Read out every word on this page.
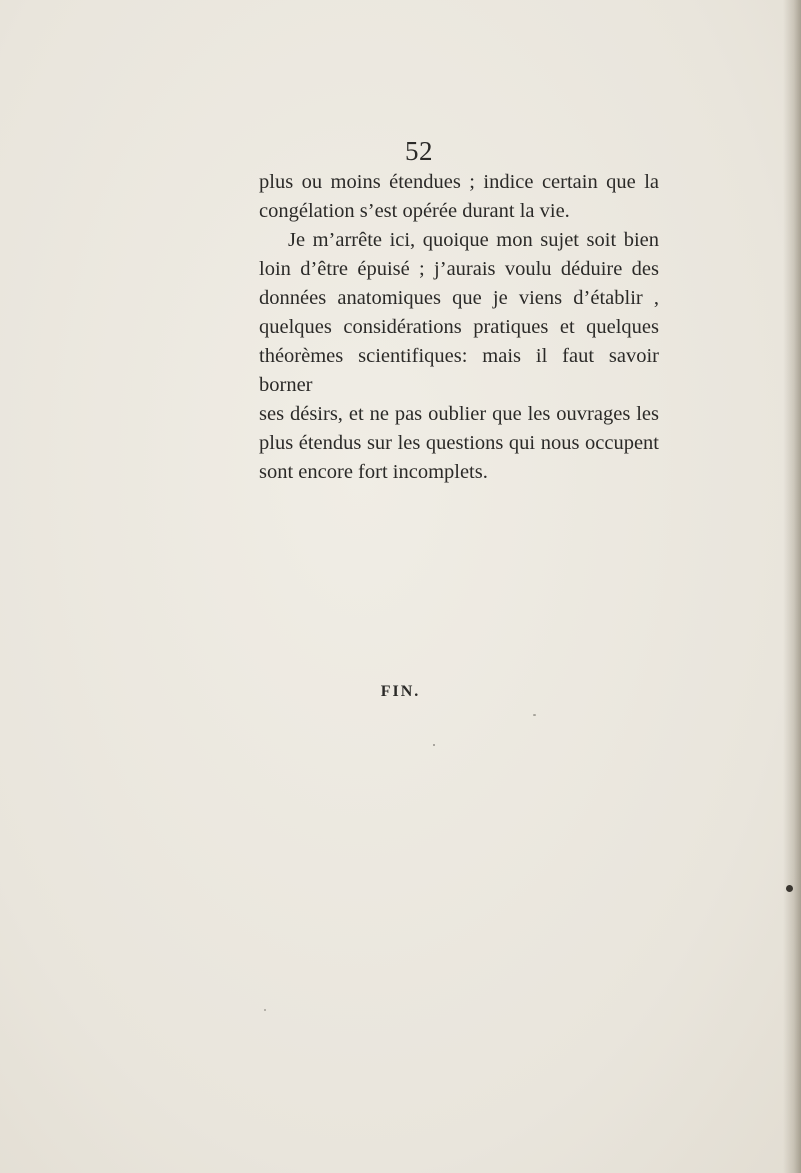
52
plus ou moins étendues ; indice certain que la
congélation s’est opérée durant la vie.
Je m’arrête ici, quoique mon sujet soit bien
loin d’être épuisé ; j’aurais voulu déduire des
données anatomiques que je viens d’établir ,
quelques considérations pratiques et quelques
théorèmes scientifiques: mais il faut savoir borner
ses désirs, et ne pas oublier que les ouvrages les
plus étendus sur les questions qui nous occupent
sont encore fort incomplets.
FIN.
